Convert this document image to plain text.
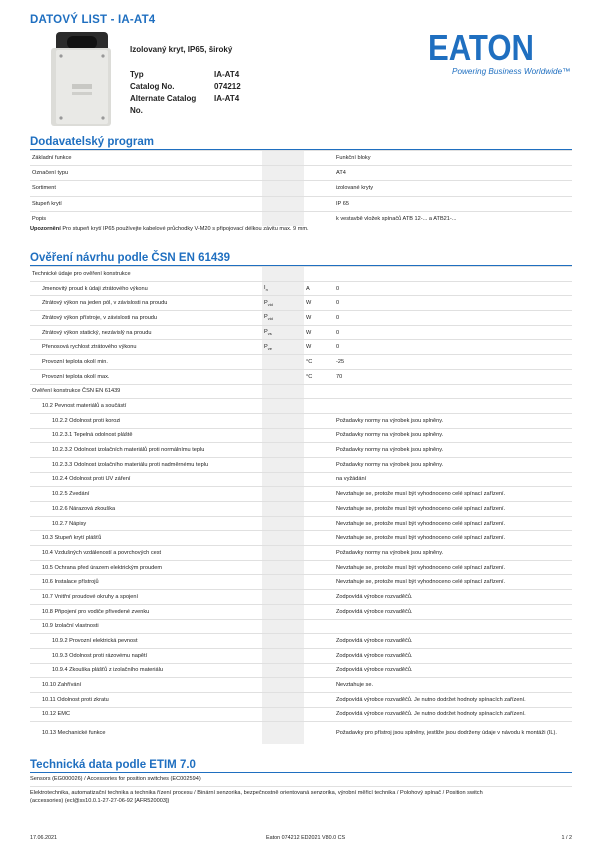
DATOVÝ LIST - IA-AT4
Izolovaný kryt, IP65, široký
Typ	IA-AT4
Catalog No.	074212
Alternate Catalog IA-AT4
No.
EATON
Powering Business Worldwide™
Dodavatelský program
Základní funkce			Funkční bloky
Označení typu			AT4
Sortiment			izolované kryty
Stupeň krytí			IP 65
Popis			k vestavbě vložek spínačů ATB 12-... a ATB21-...
Upozornění Pro stupeň krytí IP65 používejte kabelové průchodky V-M20 s připojovací délkou závitu max. 9 mm.
Ověření návrhu podle ČSN EN 61439
Technické údaje pro ověření konstrukce			
Jmenovitý proud k údaji ztrátového výkonu	$I_n$	A	0
Ztrátový výkon na jeden pól, v závislosti na proudu	$P_{vid}$	W	0
Ztrátový výkon přístroje, v závislosti na proudu	$P_{vid}$	W	0
Ztrátový výkon statický, nezávislý na proudu	$P_{vs}$	W	0
Přenosová rychlost ztrátového výkonu	$P_{ve}$	W	0
Provozní teplota okolí min.		°C	-25
Provozní teplota okolí max.		°C	70
Ověření konstrukce ČSN EN 61439			
10.2 Pevnost materiálů a součástí			
10.2.2 Odolnost proti korozi			Požadavky normy na výrobek jsou splněny.
10.2.3.1 Tepelná odolnost pláště			Požadavky normy na výrobek jsou splněny.
10.2.3.2 Odolnost izolačních materiálů proti normálnímu teplu			Požadavky normy na výrobek jsou splněny.
10.2.3.3 Odolnost izolačního materiálu proti nadměrnému teplu			Požadavky normy na výrobek jsou splněny.
10.2.4 Odolnost proti UV záření			na vyžádání
10.2.5 Zvedání			Nevztahuje se, protože musí být vyhodnoceno celé spínací zařízení.
10.2.6 Nárazová zkouška			Nevztahuje se, protože musí být vyhodnoceno celé spínací zařízení.
10.2.7 Nápisy			Nevztahuje se, protože musí být vyhodnoceno celé spínací zařízení.
10.3 Stupeň krytí plášťů			Nevztahuje se, protože musí být vyhodnoceno celé spínací zařízení.
10.4 Vzdušných vzdáleností a povrchových cest			Požadavky normy na výrobek jsou splněny.
10.5 Ochrana před úrazem elektrickým proudem			Nevztahuje se, protože musí být vyhodnoceno celé spínací zařízení.
10.6 Instalace přístrojů			Nevztahuje se, protože musí být vyhodnoceno celé spínací zařízení.
10.7 Vnitřní proudové okruhy a spojení			Zodpovídá výrobce rozvaděčů.
10.8 Připojení pro vodiče přivedené zvenku			Zodpovídá výrobce rozvaděčů.
10.9 Izolační vlastnosti			
10.9.2 Provozní elektrická pevnost			Zodpovídá výrobce rozvaděčů.
10.9.3 Odolnost proti rázovému napětí			Zodpovídá výrobce rozvaděčů.
10.9.4 Zkouška plášťů z izolačního materiálu			Zodpovídá výrobce rozvaděčů.
10.10 Zahřívání			Nevztahuje se.
10.11 Odolnost proti zkratu			Zodpovídá výrobce rozvaděčů. Je nutno dodržet hodnoty spínacích zařízení.
10.12 EMC			Zodpovídá výrobce rozvaděčů. Je nutno dodržet hodnoty spínacích zařízení.
10.13 Mechanické funkce			Požadavky pro přístroj jsou splněny, jestliže jsou dodrženy údaje v návodu k montáži (IL).
Technická data podle ETIM 7.0
Sensors (EG000026) / Accessories for position switches (EC002594)
Elektrotechnika, automatizační technika a technika řízení procesu / Binární senzorika, bezpečnostně orientovaná senzorika, výrobní měřicí technika / Polohový spínač / Position switch
(accessories) (ecl@ss10.0.1-27-27-06-92 [AFR520003])
17.06.2021	Eaton 074212 ED2021 V80.0 CS	1 / 2
